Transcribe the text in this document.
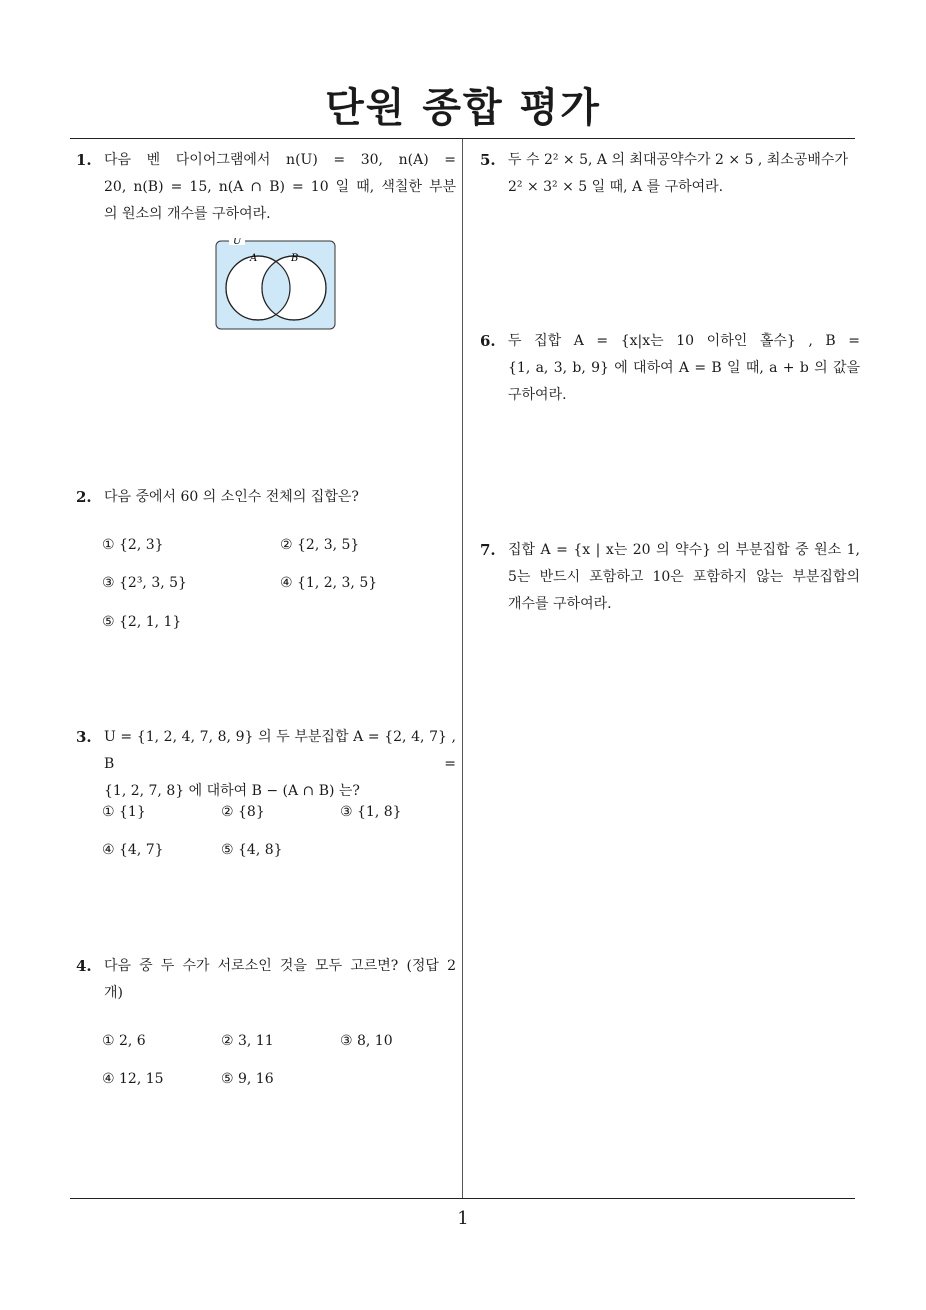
단원 종합 평가
1. 다음 벤 다이어그램에서 n(U) = 30, n(A) =

20, n(B) = 15, n(A ∩ B) = 10 일 때, 색칠한 부분

의 원소의 개수를 구하여라.

U
A	B
2. 다음 중에서 60 의 소인수 전체의 집합은?

① {2, 3}	② {2, 3, 5}
③ {2³, 3, 5}	④ {1, 2, 3, 5}
⑤ {2, 1, 1}
3. U = {1, 2, 4, 7, 8, 9} 의 두 부분집합 A = {2, 4, 7} , B =

{1, 2, 7, 8} 에 대하여 B − (A ∩ B) 는?

① {1}	② {8}	③ {1, 8}
④ {4, 7}	⑤ {4, 8}
4. 다음 중 두 수가 서로소인 것을 모두 고르면? (정답 2

개)

① 2, 6	② 3, 11	③ 8, 10
④ 12, 15	⑤ 9, 16
5. 두 수 2² × 5, A 의 최대공약수가 2 × 5 , 최소공배수가

2² × 3² × 5 일 때, A 를 구하여라.

6. 두 집합 A = {x|x는 10 이하인 홀수} , B =

{1, a, 3, b, 9} 에 대하여 A = B 일 때, a + b 의 값을

구하여라.

7. 집합 A = {x | x는 20 의 약수} 의 부분집합 중 원소 1,

5는 반드시 포함하고 10은 포함하지 않는 부분집합의

개수를 구하여라.

1
